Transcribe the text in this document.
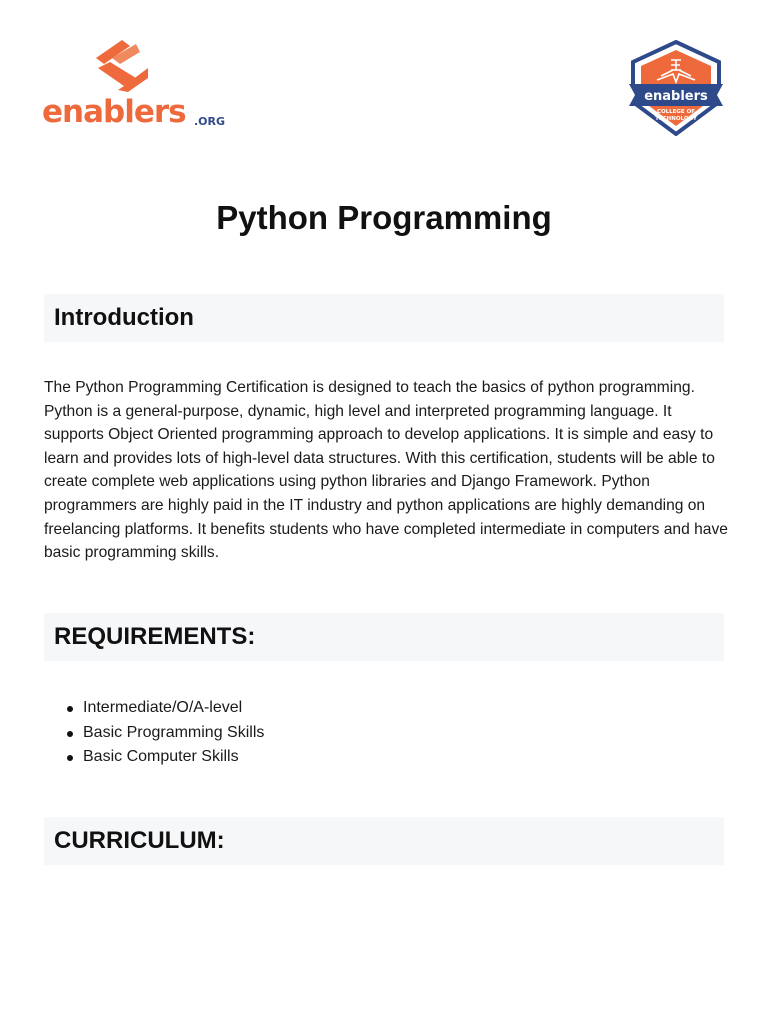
enablers .ORG
enablers
COLLEGE OF
TECHNOLOGY
Python Programming
Introduction

The Python Programming Certification is designed to teach the basics of python programming. Python is a general-purpose, dynamic, high level and interpreted programming language. It supports Object Oriented programming approach to develop applications. It is simple and easy to learn and provides lots of high-level data structures. With this certification, students will be able to create complete web applications using python libraries and Django Framework. Python programmers are highly paid in the IT industry and python applications are highly demanding on freelancing platforms. It benefits students who have completed intermediate in computers and have basic programming skills.

REQUIREMENTS:
Intermediate/O/A-level
Basic Programming Skills
Basic Computer Skills
CURRICULUM:
